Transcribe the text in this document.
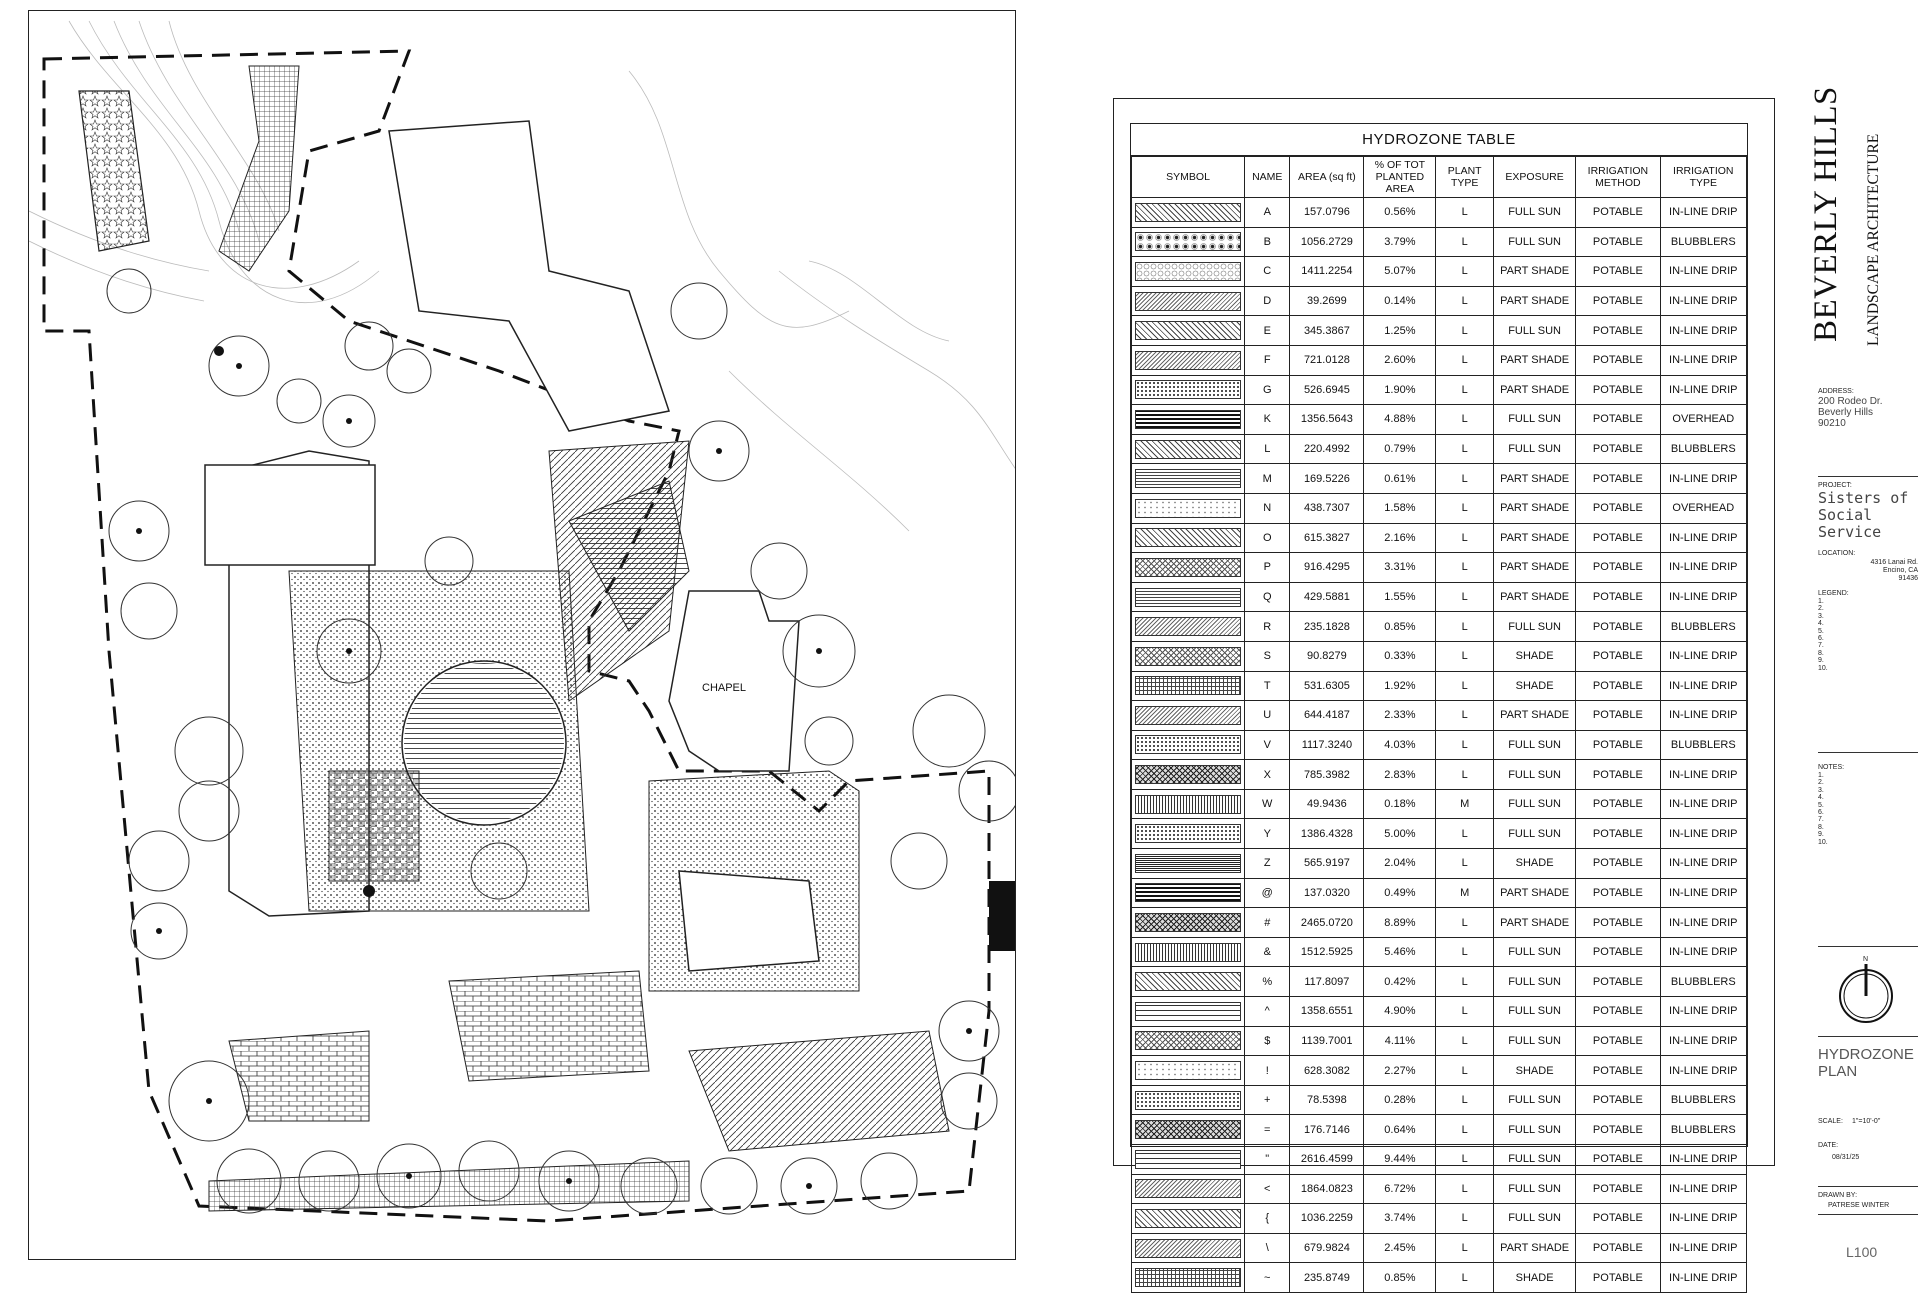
CHAPEL
HYDROZONE TABLE
SYMBOL	NAME	AREA (sq ft)	% OF TOT PLANTED AREA	PLANT TYPE	EXPOSURE	IRRIGATION METHOD	IRRIGATION TYPE

	A	157.0796	0.56%	L	FULL SUN	POTABLE	IN-LINE DRIP

	B	1056.2729	3.79%	L	FULL SUN	POTABLE	BLUBBLERS

	C	1411.2254	5.07%	L	PART SHADE	POTABLE	IN-LINE DRIP

	D	39.2699	0.14%	L	PART SHADE	POTABLE	IN-LINE DRIP

	E	345.3867	1.25%	L	FULL SUN	POTABLE	IN-LINE DRIP

	F	721.0128	2.60%	L	PART SHADE	POTABLE	IN-LINE DRIP

	G	526.6945	1.90%	L	PART SHADE	POTABLE	IN-LINE DRIP

	K	1356.5643	4.88%	L	FULL SUN	POTABLE	OVERHEAD

	L	220.4992	0.79%	L	FULL SUN	POTABLE	BLUBBLERS

	M	169.5226	0.61%	L	PART SHADE	POTABLE	IN-LINE DRIP

	N	438.7307	1.58%	L	PART SHADE	POTABLE	OVERHEAD

	O	615.3827	2.16%	L	PART SHADE	POTABLE	IN-LINE DRIP

	P	916.4295	3.31%	L	PART SHADE	POTABLE	IN-LINE DRIP

	Q	429.5881	1.55%	L	PART SHADE	POTABLE	IN-LINE DRIP

	R	235.1828	0.85%	L	FULL SUN	POTABLE	BLUBBLERS

	S	90.8279	0.33%	L	SHADE	POTABLE	IN-LINE DRIP

	T	531.6305	1.92%	L	SHADE	POTABLE	IN-LINE DRIP

	U	644.4187	2.33%	L	PART SHADE	POTABLE	IN-LINE DRIP

	V	1117.3240	4.03%	L	FULL SUN	POTABLE	BLUBBLERS

	X	785.3982	2.83%	L	FULL SUN	POTABLE	IN-LINE DRIP

	W	49.9436	0.18%	M	FULL SUN	POTABLE	IN-LINE DRIP

	Y	1386.4328	5.00%	L	FULL SUN	POTABLE	IN-LINE DRIP

	Z	565.9197	2.04%	L	SHADE	POTABLE	IN-LINE DRIP

	@	137.0320	0.49%	M	PART SHADE	POTABLE	IN-LINE DRIP

	#	2465.0720	8.89%	L	PART SHADE	POTABLE	IN-LINE DRIP

	&	1512.5925	5.46%	L	FULL SUN	POTABLE	IN-LINE DRIP

	%	117.8097	0.42%	L	FULL SUN	POTABLE	BLUBBLERS

	^	1358.6551	4.90%	L	FULL SUN	POTABLE	IN-LINE DRIP

	$	1139.7001	4.11%	L	FULL SUN	POTABLE	IN-LINE DRIP

	!	628.3082	2.27%	L	SHADE	POTABLE	IN-LINE DRIP

	+	78.5398	0.28%	L	FULL SUN	POTABLE	BLUBBLERS

	=	176.7146	0.64%	L	FULL SUN	POTABLE	BLUBBLERS

	"	2616.4599	9.44%	L	FULL SUN	POTABLE	IN-LINE DRIP

	<	1864.0823	6.72%	L	FULL SUN	POTABLE	IN-LINE DRIP

	{	1036.2259	3.74%	L	FULL SUN	POTABLE	IN-LINE DRIP

	\	679.9824	2.45%	L	PART SHADE	POTABLE	IN-LINE DRIP

	~	235.8749	0.85%	L	SHADE	POTABLE	IN-LINE DRIP
BEVERLY HILLS LANDSCAPE ARCHITECTURE
ADDRESS:
200 Rodeo Dr.
Beverly Hills
90210
PROJECT:
Sisters of
Social
Service
LOCATION:
4316 Lanai Rd.
Encino, CA
91436
LEGEND:
1.
2.
3.
4.
5.
6.
7.
8.
9.
10.
NOTES:
1.
2.
3.
4.
5.
6.
7.
8.
9.
10.
N
HYDROZONE
PLAN
SCALE: 1"=10'-0"
DATE:
08/31/25
DRAWN BY:
PATRESE WINTER
L100
